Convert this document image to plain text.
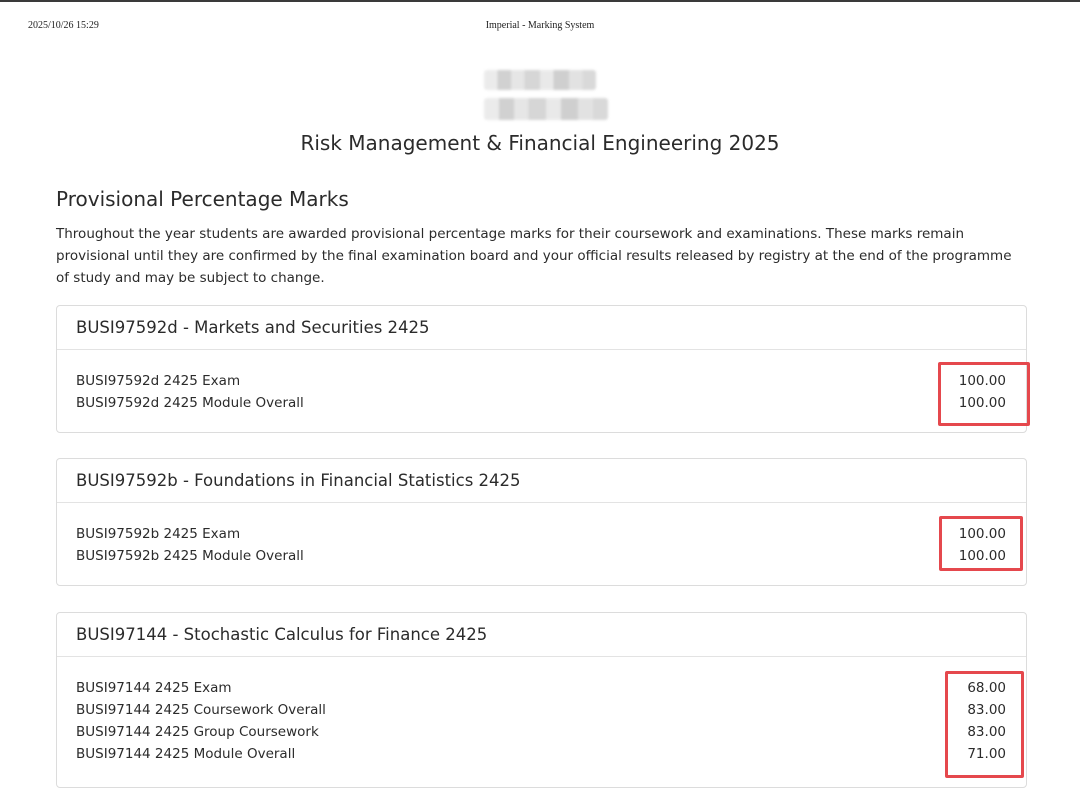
2025/10/26 15:29	Imperial - Marking System
Risk Management & Financial Engineering 2025
Provisional Percentage Marks

Throughout the year students are awarded provisional percentage marks for their coursework and examinations. These marks remain provisional until they are confirmed by the final examination board and your official results released by registry at the end of the programme of study and may be subject to change.

BUSI97592d - Markets and Securities 2425
BUSI97592d 2425 Exam	100.00
BUSI97592d 2425 Module Overall	100.00
BUSI97592b - Foundations in Financial Statistics 2425
BUSI97592b 2425 Exam	100.00
BUSI97592b 2425 Module Overall	100.00
BUSI97144 - Stochastic Calculus for Finance 2425
BUSI97144 2425 Exam	68.00
BUSI97144 2425 Coursework Overall	83.00
BUSI97144 2425 Group Coursework	83.00
BUSI97144 2425 Module Overall	71.00
